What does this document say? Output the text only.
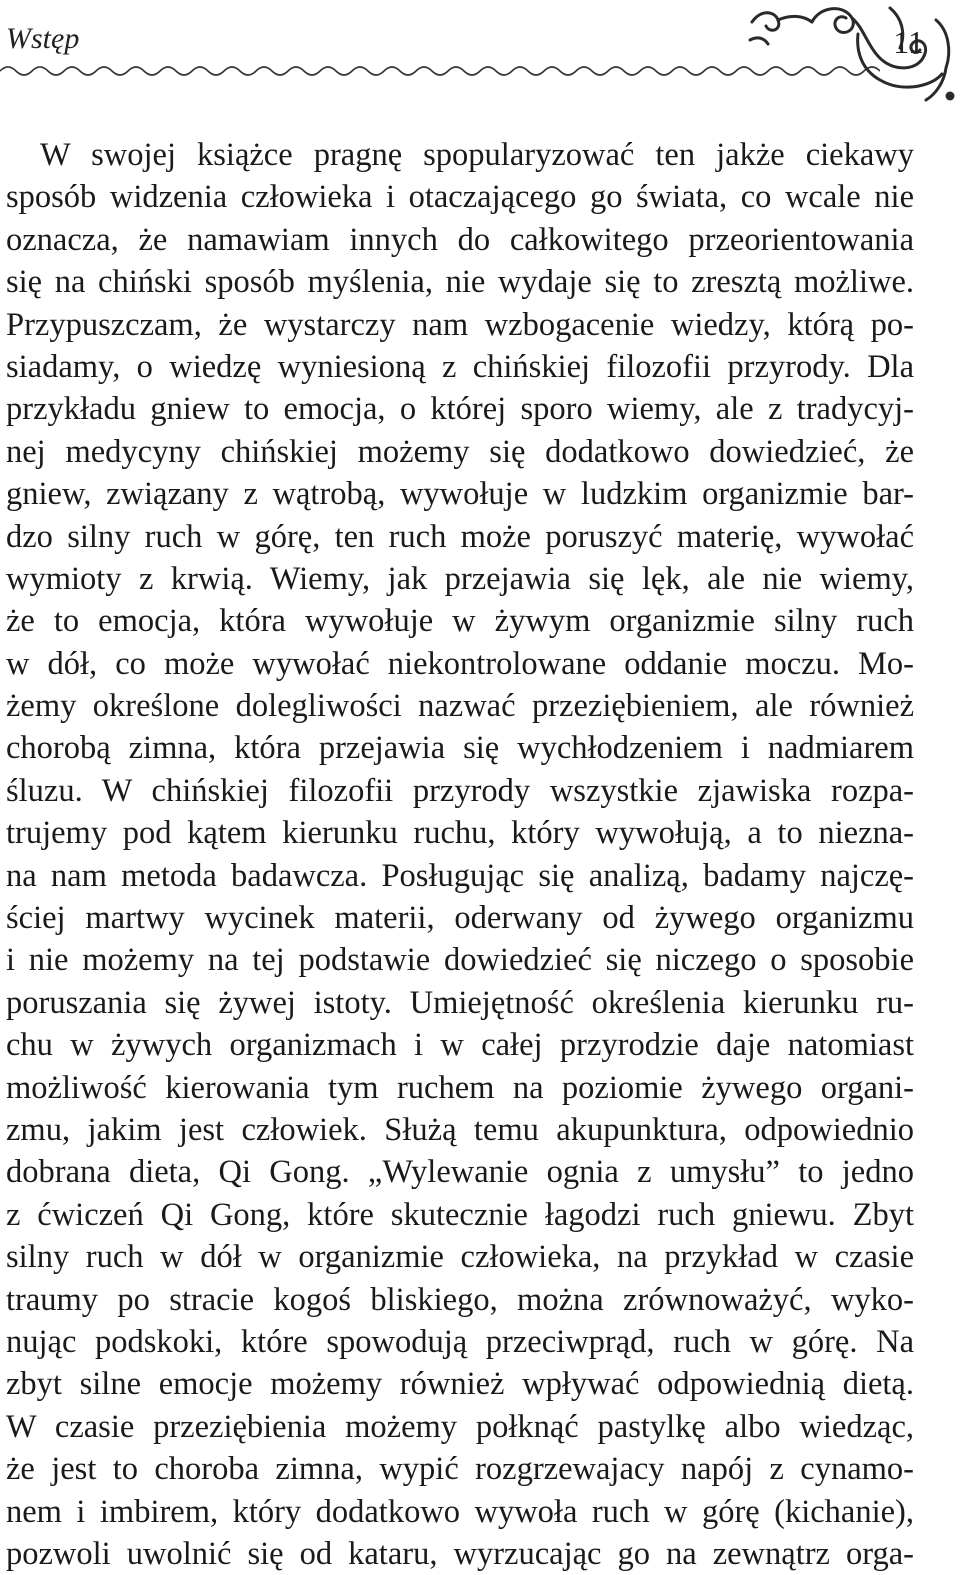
Wstęp	11
W swojej książce pragnę spopularyzować ten jakże ciekawy
sposób widzenia człowieka i otaczającego go świata, co wcale nie
oznacza, że namawiam innych do całkowitego przeorientowania
się na chiński sposób myślenia, nie wydaje się to zresztą możliwe.
Przypuszczam, że wystarczy nam wzbogacenie wiedzy, którą po-
siadamy, o wiedzę wyniesioną z chińskiej filozofii przyrody. Dla
przykładu gniew to emocja, o której sporo wiemy, ale z tradycyj-
nej medycyny chińskiej możemy się dodatkowo dowiedzieć, że
gniew, związany z wątrobą, wywołuje w ludzkim organizmie bar-
dzo silny ruch w górę, ten ruch może poruszyć materię, wywołać
wymioty z krwią. Wiemy, jak przejawia się lęk, ale nie wiemy,
że to emocja, która wywołuje w żywym organizmie silny ruch
w dół, co może wywołać niekontrolowane oddanie moczu. Mo-
żemy określone dolegliwości nazwać przeziębieniem, ale również
chorobą zimna, która przejawia się wychłodzeniem i nadmiarem
śluzu. W chińskiej filozofii przyrody wszystkie zjawiska rozpa-
trujemy pod kątem kierunku ruchu, który wywołują, a to niezna-
na nam metoda badawcza. Posługując się analizą, badamy najczę-
ściej martwy wycinek materii, oderwany od żywego organizmu
i nie możemy na tej podstawie dowiedzieć się niczego o sposobie
poruszania się żywej istoty. Umiejętność określenia kierunku ru-
chu w żywych organizmach i w całej przyrodzie daje natomiast
możliwość kierowania tym ruchem na poziomie żywego organi-
zmu, jakim jest człowiek. Służą temu akupunktura, odpowiednio
dobrana dieta, Qi Gong. „Wylewanie ognia z umysłu” to jedno
z ćwiczeń Qi Gong, które skutecznie łagodzi ruch gniewu. Zbyt
silny ruch w dół w organizmie człowieka, na przykład w czasie
traumy po stracie kogoś bliskiego, można zrównoważyć, wyko-
nując podskoki, które spowodują przeciwprąd, ruch w górę. Na
zbyt silne emocje możemy również wpływać odpowiednią dietą.
W czasie przeziębienia możemy połknąć pastylkę albo wiedząc,
że jest to choroba zimna, wypić rozgrzewajacy napój z cynamo-
nem i imbirem, który dodatkowo wywoła ruch w górę (kichanie),
pozwoli uwolnić się od kataru, wyrzucając go na zewnątrz orga-
